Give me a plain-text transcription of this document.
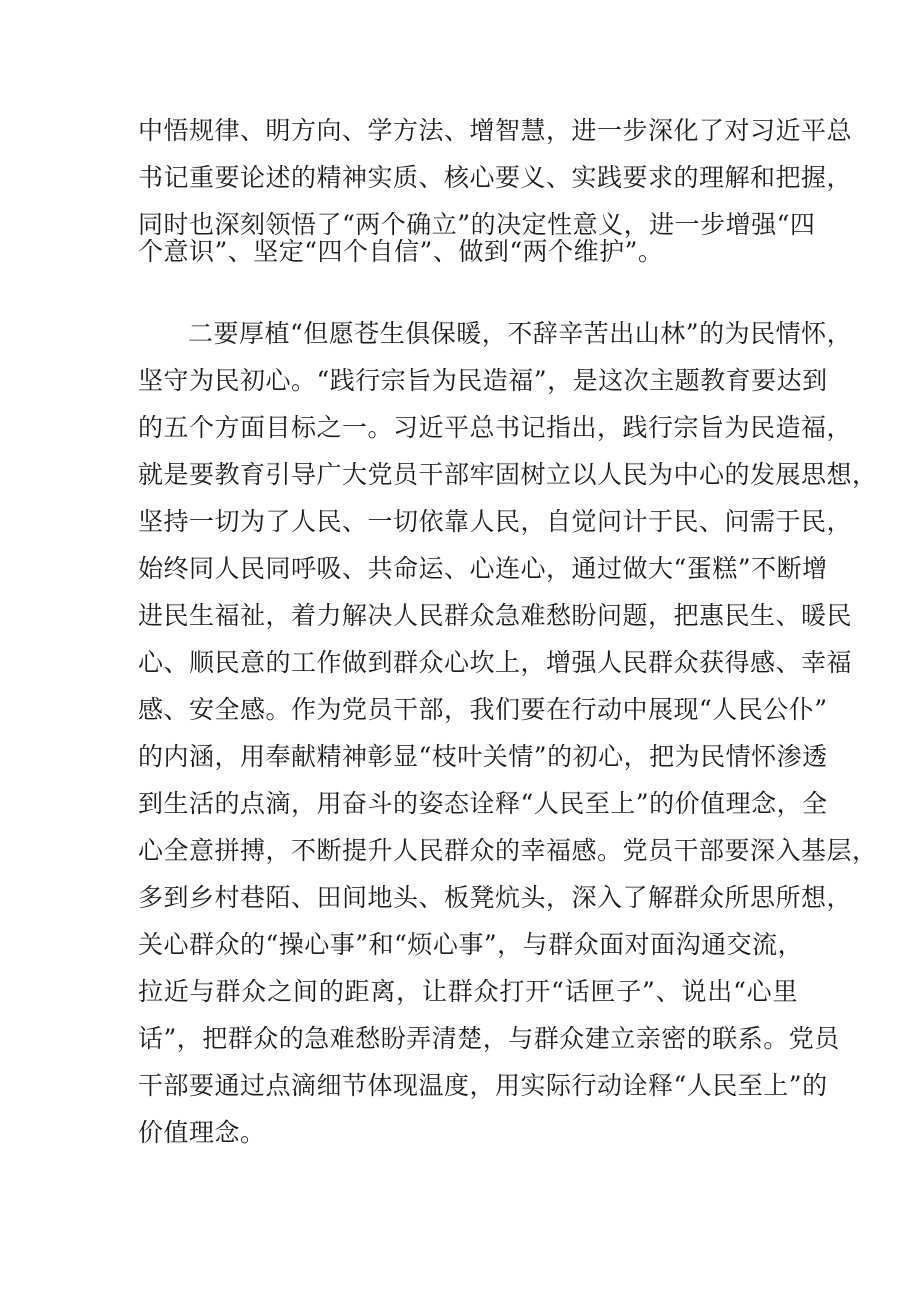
中悟规律、明方向、学方法、增智慧，进一步深化了对习近平总
书记重要论述的精神实质、核心要义、实践要求的理解和把握，
同时也深刻领悟了“两个确立”的决定性意义，进一步增强“四
个意识”、坚定“四个自信”、做到“两个维护”。
二要厚植“但愿苍生俱保暖，不辞辛苦出山林”的为民情怀，
坚守为民初心。“践行宗旨为民造福”，是这次主题教育要达到
的五个方面目标之一。习近平总书记指出，践行宗旨为民造福，
就是要教育引导广大党员干部牢固树立以人民为中心的发展思想，
坚持一切为了人民、一切依靠人民，自觉问计于民、问需于民，
始终同人民同呼吸、共命运、心连心，通过做大“蛋糕”不断增
进民生福祉，着力解决人民群众急难愁盼问题，把惠民生、暖民
心、顺民意的工作做到群众心坎上，增强人民群众获得感、幸福
感、安全感。作为党员干部，我们要在行动中展现“人民公仆”
的内涵，用奉献精神彰显“枝叶关情”的初心，把为民情怀渗透
到生活的点滴，用奋斗的姿态诠释“人民至上”的价值理念，全
心全意拼搏，不断提升人民群众的幸福感。党员干部要深入基层，
多到乡村巷陌、田间地头、板凳炕头，深入了解群众所思所想，
关心群众的“操心事”和“烦心事”，与群众面对面沟通交流，
拉近与群众之间的距离，让群众打开“话匣子”、说出“心里
话”，把群众的急难愁盼弄清楚，与群众建立亲密的联系。党员
干部要通过点滴细节体现温度，用实际行动诠释“人民至上”的
价值理念。
